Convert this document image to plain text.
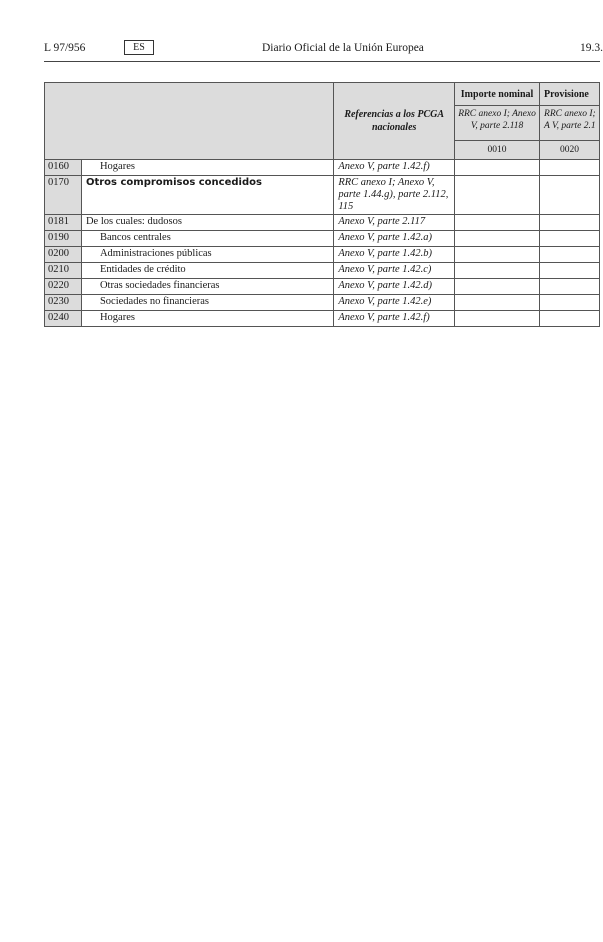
L 97/956	ES	Diario Oficial de la Unión Europea	19.3.
		Referencias a los PCGA nacionales	Importe nominal	Provisione
			RRC anexo I; Anexo V, parte 2.118	RRC anexo I; A V, parte 2.1
			0010	0020
0160	Hogares	Anexo V, parte 1.42.f)		
0170	Otros compromisos concedidos	RRC anexo I; Anexo V, parte 1.44.g), parte 2.112, 115		
0181	De los cuales: dudosos	Anexo V, parte 2.117		
0190	Bancos centrales	Anexo V, parte 1.42.a)		
0200	Administraciones públicas	Anexo V, parte 1.42.b)		
0210	Entidades de crédito	Anexo V, parte 1.42.c)		
0220	Otras sociedades financieras	Anexo V, parte 1.42.d)		
0230	Sociedades no financieras	Anexo V, parte 1.42.e)		
0240	Hogares	Anexo V, parte 1.42.f)		
